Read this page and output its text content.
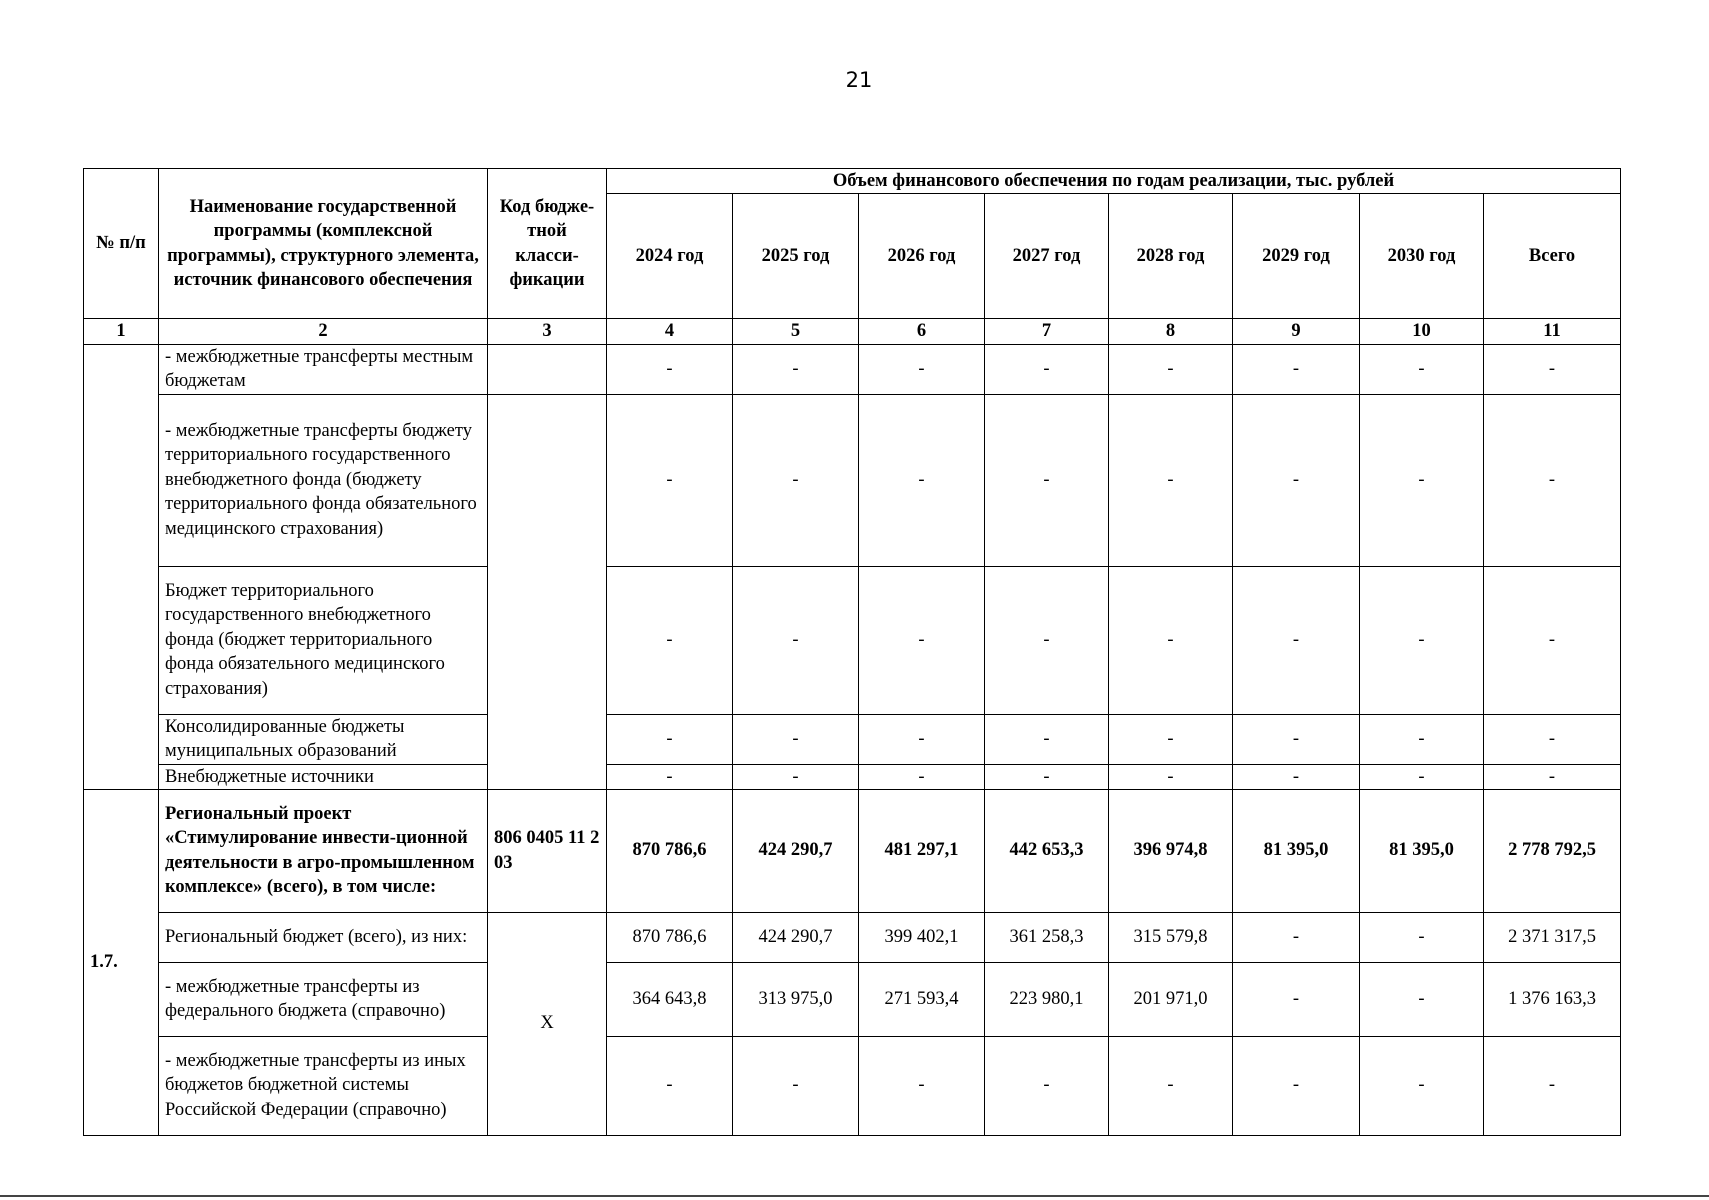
21
№ п/п	Наименование государственной программы (комплексной программы), структурного элемента, источник финансового обеспечения	Код бюдже-тной класси-фикации	Объем финансового обеспечения по годам реализации, тыс. рублей							
			2024 год	2025 год	2026 год	2027 год	2028 год	2029 год	2030 год	Всего
1	2	3	4	5	6	7	8	9	10	11
	- межбюджетные трансферты местным бюджетам		-	-	-	-	-	-	-	-
	- межбюджетные трансферты бюджету территориального государственного внебюджетного фонда (бюджету территориального фонда обязательного медицинского страхования)		-	-	-	-	-	-	-	-
	Бюджет территориального государственного внебюджетного фонда (бюджет территориального фонда обязательного медицинского страхования)		-	-	-	-	-	-	-	-
	Консолидированные бюджеты муниципальных образований		-	-	-	-	-	-	-	-
	Внебюджетные источники		-	-	-	-	-	-	-	-
1.7.	Региональный проект «Стимулирование инвести-ционной деятельности в агро-промышленном комплексе» (всего), в том числе:	806 0405 11 2 03	870 786,6	424 290,7	481 297,1	442 653,3	396 974,8	81 395,0	81 395,0	2 778 792,5
	Региональный бюджет (всего), из них:	X	870 786,6	424 290,7	399 402,1	361 258,3	315 579,8	-	-	2 371 317,5
	- межбюджетные трансферты из федерального бюджета (справочно)		364 643,8	313 975,0	271 593,4	223 980,1	201 971,0	-	-	1 376 163,3
	- межбюджетные трансферты из иных бюджетов бюджетной системы Российской Федерации (справочно)		-	-	-	-	-	-	-	-
